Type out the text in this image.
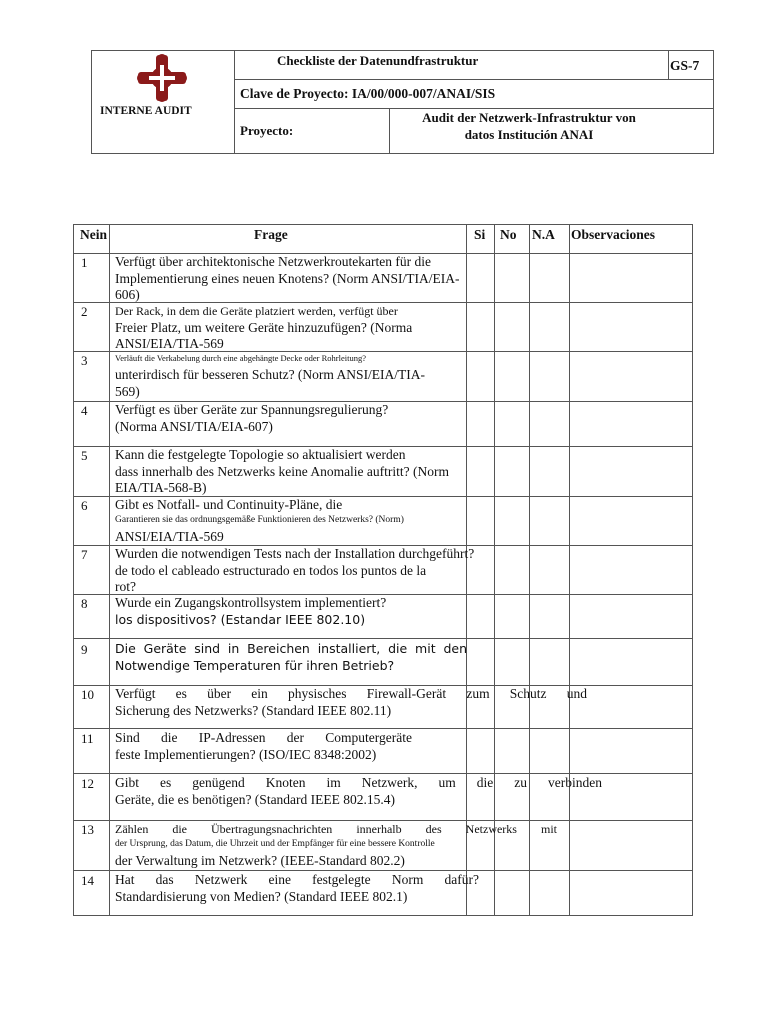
INTERNE AUDIT
Checkliste der Datenundfrastruktur	GS-7
Clave de Proyecto: IA/00/000-007/ANAI/SIS
Proyecto:
Audit der Netzwerk-Infrastruktur von
datos Institución ANAI
Nein	Frage	Si No N.A Observaciones
1 Verfügt über architektonische Netzwerkroutekarten für die
Implementierung eines neuen Knotens? (Norm ANSI/TIA/EIA-
606)
2 Der Rack, in dem die Geräte platziert werden, verfügt über
Freier Platz, um weitere Geräte hinzuzufügen? (Norma
ANSI/EIA/TIA-569
3	Verläuft die Verkabelung durch eine abgehängte Decke oder Rohrleitung?
unterirdisch für besseren Schutz? (Norm ANSI/EIA/TIA-
569)
4 Verfügt es über Geräte zur Spannungsregulierung?
(Norma ANSI/TIA/EIA-607)
5 Kann die festgelegte Topologie so aktualisiert werden
dass innerhalb des Netzwerks keine Anomalie auftritt? (Norm
EIA/TIA-568-B)
6 Gibt es Notfall- und Continuity-Pläne, die
Garantieren sie das ordnungsgemäße Funktionieren des Netzwerks? (Norm)
ANSI/EIA/TIA-569
7 Wurden die notwendigen Tests nach der Installation durchgeführt?
de todo el cableado estructurado en todos los puntos de la
rot?
8 Wurde ein Zugangskontrollsystem implementiert?
los dispositivos? (Estandar IEEE 802.10)
9 Die Geräte sind in Bereichen installiert, die mit den
Notwendige Temperaturen für ihren Betrieb?
10 Verfügt es über ein physisches Firewall-Gerät zum Schutz und
Sicherung des Netzwerks? (Standard IEEE 802.11)
11 Sind die IP-Adressen der Computergeräte
feste Implementierungen? (ISO/IEC 8348:2002)
12 Gibt es genügend Knoten im Netzwerk, um die zu verbinden
Geräte, die es benötigen? (Standard IEEE 802.15.4)
13 Zählen die Übertragungsnachrichten innerhalb des Netzwerks mit
der Ursprung, das Datum, die Uhrzeit und der Empfänger für eine bessere Kontrolle
der Verwaltung im Netzwerk? (IEEE-Standard 802.2)
14 Hat das Netzwerk eine festgelegte Norm dafür?
Standardisierung von Medien? (Standard IEEE 802.1)
